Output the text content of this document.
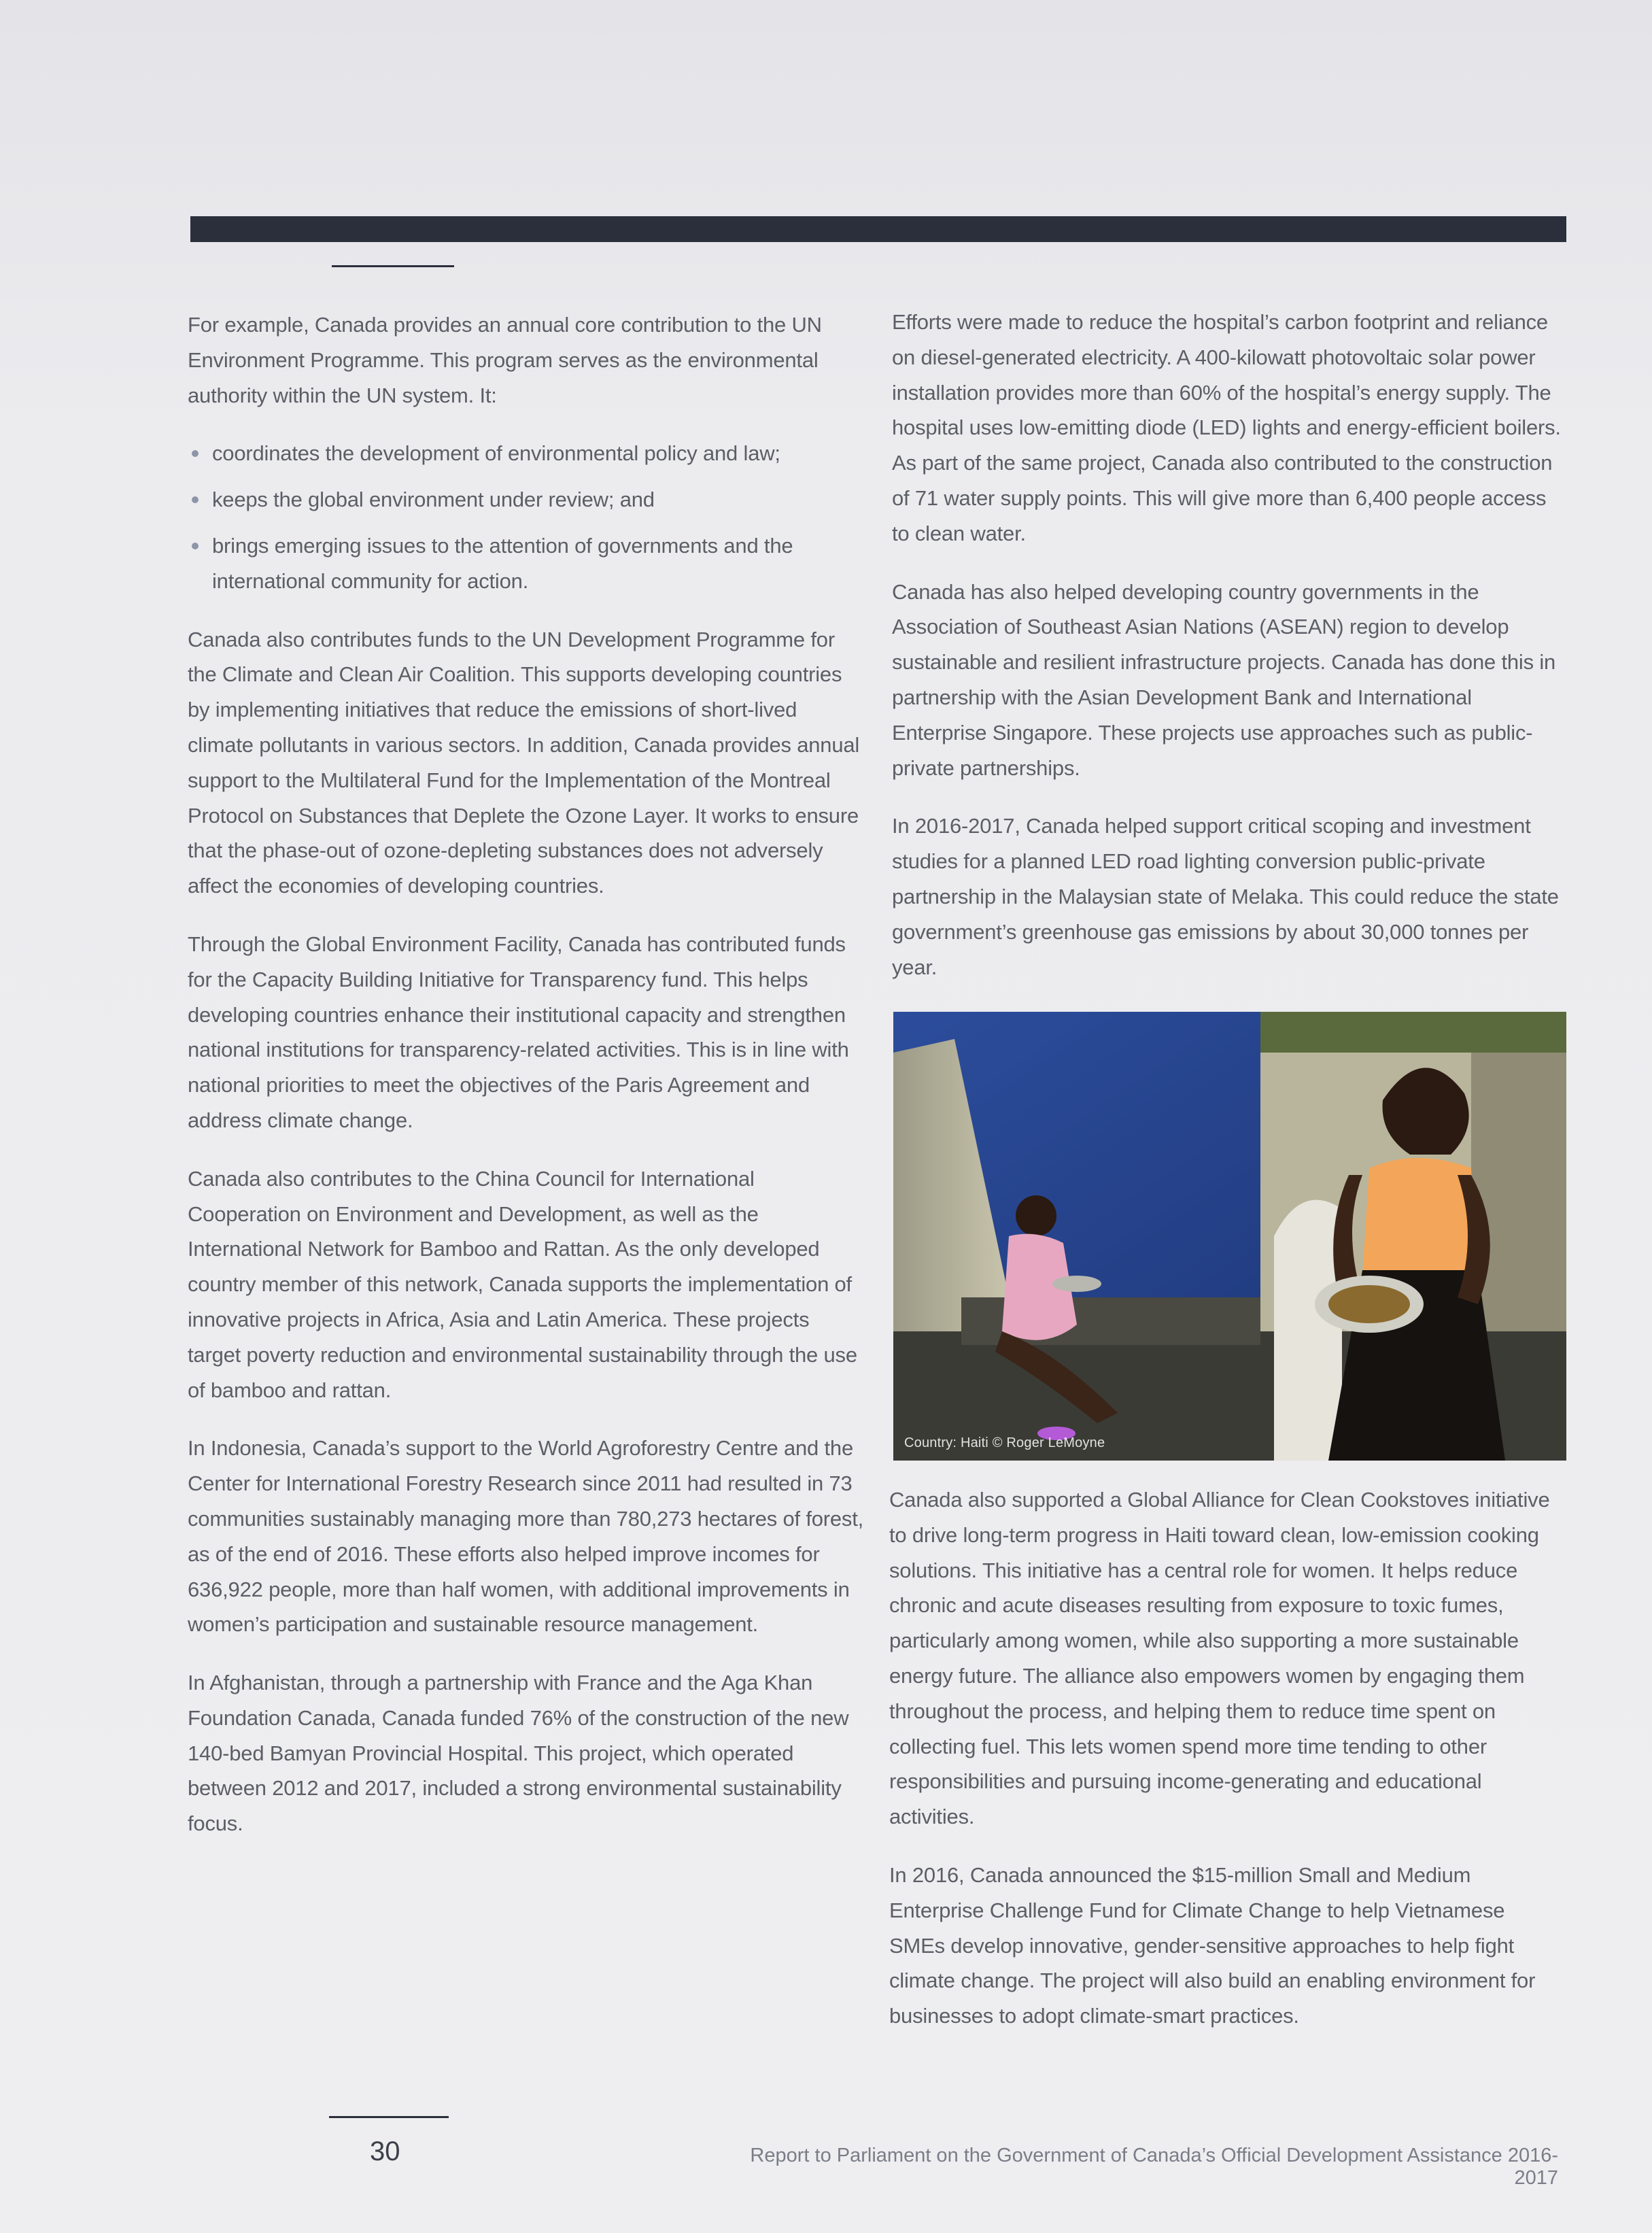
For example, Canada provides an annual core contribution to the UN Environment Programme. This program serves as the environmental authority within the UN system. It:

coordinates the development of environmental policy and law;
keeps the global environment under review; and
brings emerging issues to the attention of governments and the international community for action.

Canada also contributes funds to the UN Development Programme for the Climate and Clean Air Coalition. This supports developing countries by implementing initiatives that reduce the emissions of short-lived climate pollutants in various sectors. In addition, Canada provides annual support to the Multilateral Fund for the Implementation of the Montreal Protocol on Substances that Deplete the Ozone Layer. It works to ensure that the phase-out of ozone-depleting substances does not adversely affect the economies of developing countries.

Through the Global Environment Facility, Canada has contributed funds for the Capacity Building Initiative for Transparency fund. This helps developing countries enhance their institutional capacity and strengthen national institutions for transparency-related activities. This is in line with national priorities to meet the objectives of the Paris Agreement and address climate change.

Canada also contributes to the China Council for International Cooperation on Environment and Development, as well as the International Network for Bamboo and Rattan. As the only developed country member of this network, Canada supports the implementation of innovative projects in Africa, Asia and Latin America. These projects target poverty reduction and environmental sustainability through the use of bamboo and rattan.

In Indonesia, Canada’s support to the World Agroforestry Centre and the Center for International Forestry Research since 2011 had resulted in 73 communities sustainably managing more than 780,273 hectares of forest, as of the end of 2016. These efforts also helped improve incomes for 636,922 people, more than half women, with additional improvements in women’s participation and sustainable resource management.

In Afghanistan, through a partnership with France and the Aga Khan Foundation Canada, Canada funded 76% of the construction of the new 140-bed Bamyan Provincial Hospital. This project, which operated between 2012 and 2017, included a strong environmental sustainability focus.

Efforts were made to reduce the hospital’s carbon footprint and reliance on diesel-generated electricity. A 400-kilowatt photovoltaic solar power installation provides more than 60% of the hospital’s energy supply. The hospital uses low-emitting diode (LED) lights and energy-efficient boilers. As part of the same project, Canada also contributed to the construction of 71 water supply points. This will give more than 6,400 people access to clean water.

Canada has also helped developing country governments in the Association of Southeast Asian Nations (ASEAN) region to develop sustainable and resilient infrastructure projects. Canada has done this in partnership with the Asian Development Bank and International Enterprise Singapore. These projects use approaches such as public-private partnerships.

In 2016-2017, Canada helped support critical scoping and investment studies for a planned LED road lighting conversion public-private partnership in the Malaysian state of Melaka. This could reduce the state government’s greenhouse gas emissions by about 30,000 tonnes per year.

Country: Haiti © Roger LeMoyne

Canada also supported a Global Alliance for Clean Cookstoves initiative to drive long-term progress in Haiti toward clean, low-emission cooking solutions. This initiative has a central role for women. It helps reduce chronic and acute diseases resulting from exposure to toxic fumes, particularly among women, while also supporting a more sustainable energy future. The alliance also empowers women by engaging them throughout the process, and helping them to reduce time spent on collecting fuel. This lets women spend more time tending to other responsibilities and pursuing income-generating and educational activities.

In 2016, Canada announced the $15-million Small and Medium Enterprise Challenge Fund for Climate Change to help Vietnamese SMEs develop innovative, gender-sensitive approaches to help fight climate change. The project will also build an enabling environment for businesses to adopt climate-smart practices.

30	Report to Parliament on the Government of Canada’s Official Development Assistance 2016-2017
